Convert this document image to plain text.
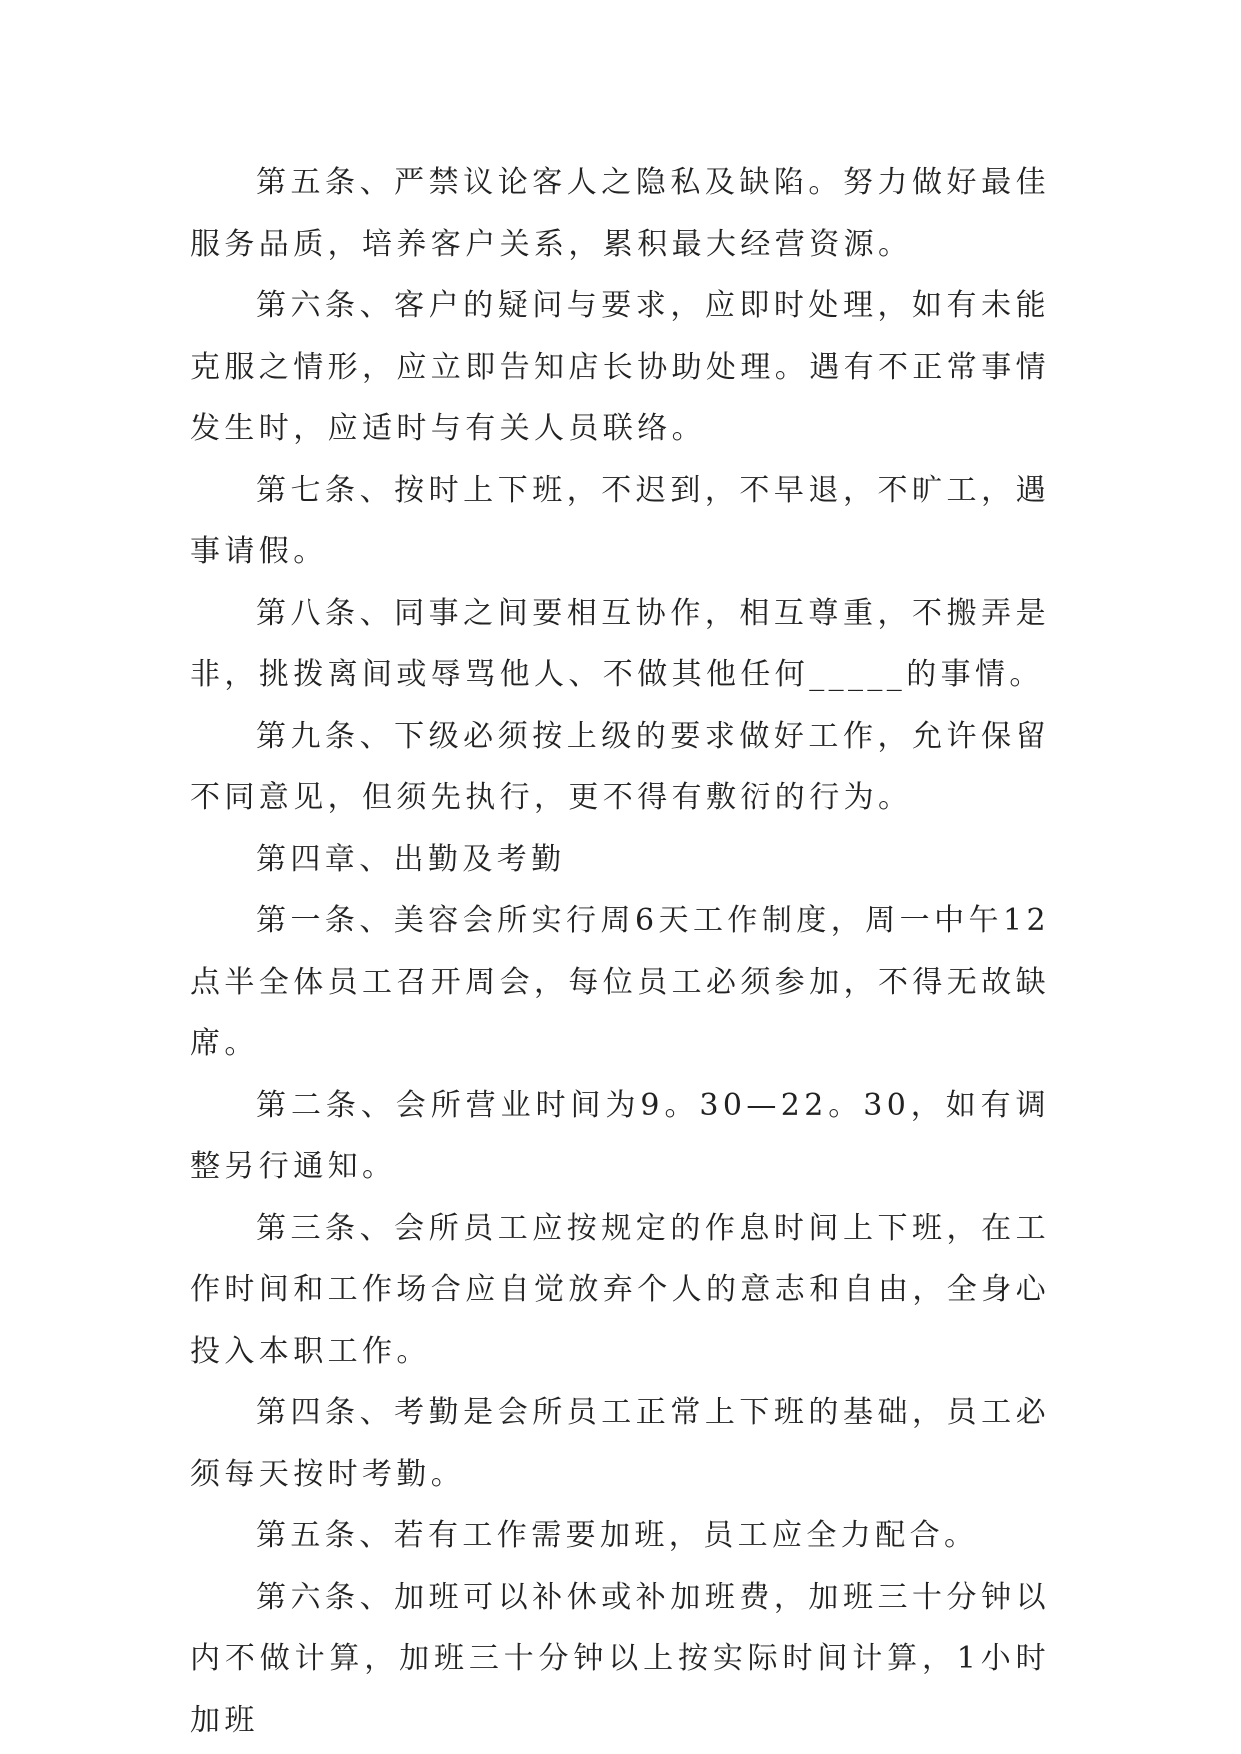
第五条、严禁议论客人之隐私及缺陷。努力做好最佳服务品质，培养客户关系，累积最大经营资源。

第六条、客户的疑问与要求，应即时处理，如有未能克服之情形，应立即告知店长协助处理。遇有不正常事情发生时，应适时与有关人员联络。

第七条、按时上下班，不迟到，不早退，不旷工，遇事请假。

第八条、同事之间要相互协作，相互尊重，不搬弄是非，挑拨离间或辱骂他人、不做其他任何_____的事情。

第九条、下级必须按上级的要求做好工作，允许保留不同意见，但须先执行，更不得有敷衍的行为。

第四章、出勤及考勤

第一条、美容会所实行周6天工作制度，周一中午12点半全体员工召开周会，每位员工必须参加，不得无故缺席。

第二条、会所营业时间为9。30—22。30，如有调整另行通知。

第三条、会所员工应按规定的作息时间上下班，在工作时间和工作场合应自觉放弃个人的意志和自由，全身心投入本职工作。

第四条、考勤是会所员工正常上下班的基础，员工必须每天按时考勤。

第五条、若有工作需要加班，员工应全力配合。

第六条、加班可以补休或补加班费，加班三十分钟以内不做计算，加班三十分钟以上按实际时间计算，1小时加班
